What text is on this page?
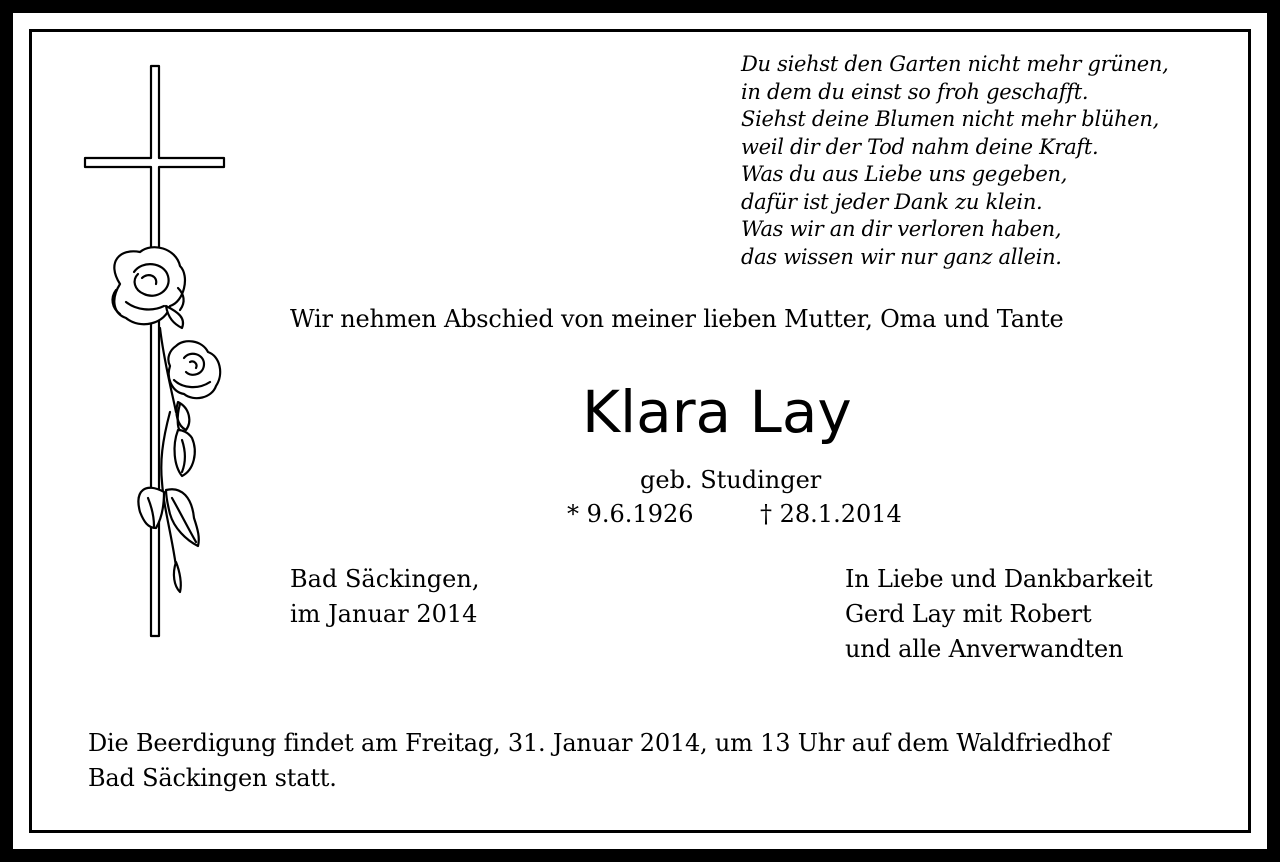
Du siehst den Garten nicht mehr grünen,
in dem du einst so froh geschafft.
Siehst deine Blumen nicht mehr blühen,
weil dir der Tod nahm deine Kraft.
Was du aus Liebe uns gegeben,
dafür ist jeder Dank zu klein.
Was wir an dir verloren haben,
das wissen wir nur ganz allein.
Wir nehmen Abschied von meiner lieben Mutter, Oma und Tante
Klara Lay
geb. Studinger
* 9.6.1926	† 28.1.2014
Bad Säckingen,
im Januar 2014
In Liebe und Dankbarkeit
Gerd Lay mit Robert
und alle Anverwandten
Die Beerdigung findet am Freitag, 31. Januar 2014, um 13 Uhr auf dem Waldfriedhof
Bad Säckingen statt.
